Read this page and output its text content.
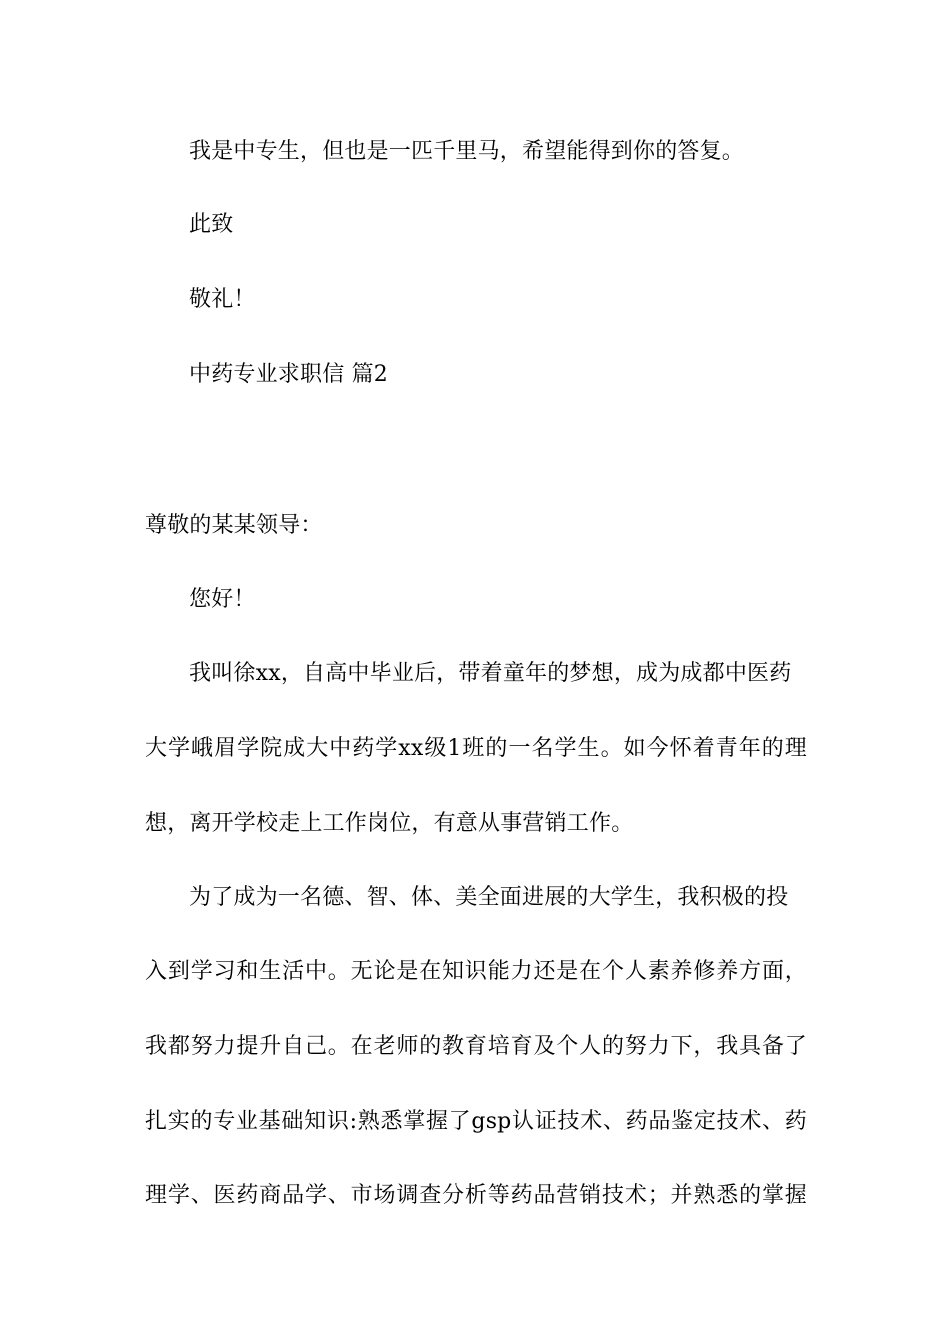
我是中专生，但也是一匹千里马，希望能得到你的答复。
此致
敬礼！
中药专业求职信 篇2
尊敬的某某领导：
您好！
我叫徐xx，自高中毕业后，带着童年的梦想，成为成都中医药
大学峨眉学院成大中药学xx级1班的一名学生。如今怀着青年的理
想，离开学校走上工作岗位，有意从事营销工作。
为了成为一名德、智、体、美全面进展的大学生，我积极的投
入到学习和生活中。无论是在知识能力还是在个人素养修养方面，
我都努力提升自己。在老师的教育培育及个人的努力下，我具备了
扎实的专业基础知识:熟悉掌握了gsp认证技术、药品鉴定技术、药
理学、医药商品学、市场调查分析等药品营销技术；并熟悉的掌握
